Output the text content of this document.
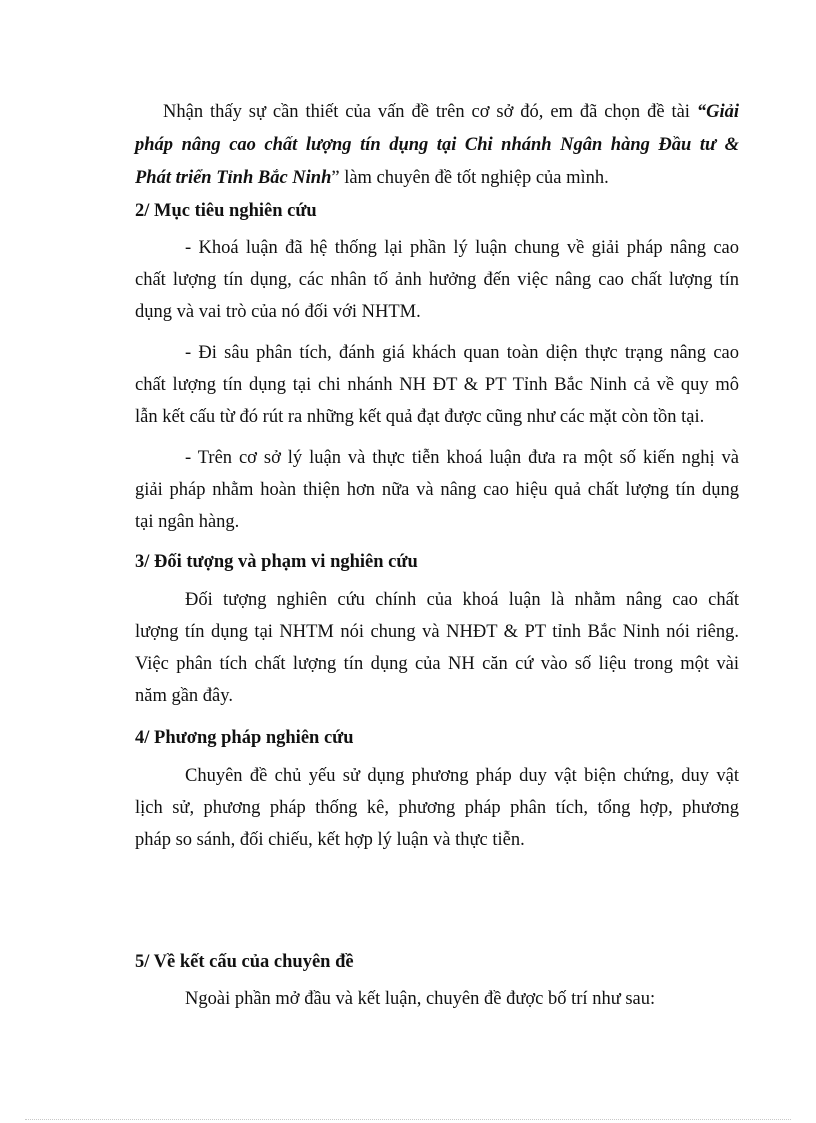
Nhận thấy sự cần thiết của vấn đề trên cơ sở đó, em đã chọn đề tài “Giải
pháp nâng cao chất lượng tín dụng tại Chi nhánh Ngân hàng Đầu tư &
Phát triển Tỉnh Bắc Ninh” làm chuyên đề tốt nghiệp của mình.
2/ Mục tiêu nghiên cứu
- Khoá luận đã hệ thống lại phần lý luận chung về giải pháp nâng cao
chất lượng tín dụng, các nhân tố ảnh hưởng đến việc nâng cao chất lượng tín
dụng và vai trò của nó đối với NHTM.
- Đi sâu phân tích, đánh giá khách quan toàn diện thực trạng nâng cao
chất lượng tín dụng tại chi nhánh NH ĐT & PT Tỉnh Bắc Ninh cả về quy mô
lẫn kết cấu từ đó rút ra những kết quả đạt được cũng như các mặt còn tồn tại.
- Trên cơ sở lý luận và thực tiễn khoá luận đưa ra một số kiến nghị và
giải pháp nhằm hoàn thiện hơn nữa và nâng cao hiệu quả chất lượng tín dụng
tại ngân hàng.
3/ Đối tượng và phạm vi nghiên cứu
Đối tượng nghiên cứu chính của khoá luận là nhằm nâng cao chất
lượng tín dụng tại NHTM nói chung và NHĐT & PT tỉnh Bắc Ninh nói riêng.
Việc phân tích chất lượng tín dụng của NH căn cứ vào số liệu trong một vài
năm gần đây.
4/ Phương pháp nghiên cứu
Chuyên đề chủ yếu sử dụng phương pháp duy vật biện chứng, duy vật
lịch sử, phương pháp thống kê, phương pháp phân tích, tổng hợp, phương
pháp so sánh, đối chiếu, kết hợp lý luận và thực tiễn.
5/ Về kết cấu của chuyên đề
Ngoài phần mở đầu và kết luận, chuyên đề được bố trí như sau:
